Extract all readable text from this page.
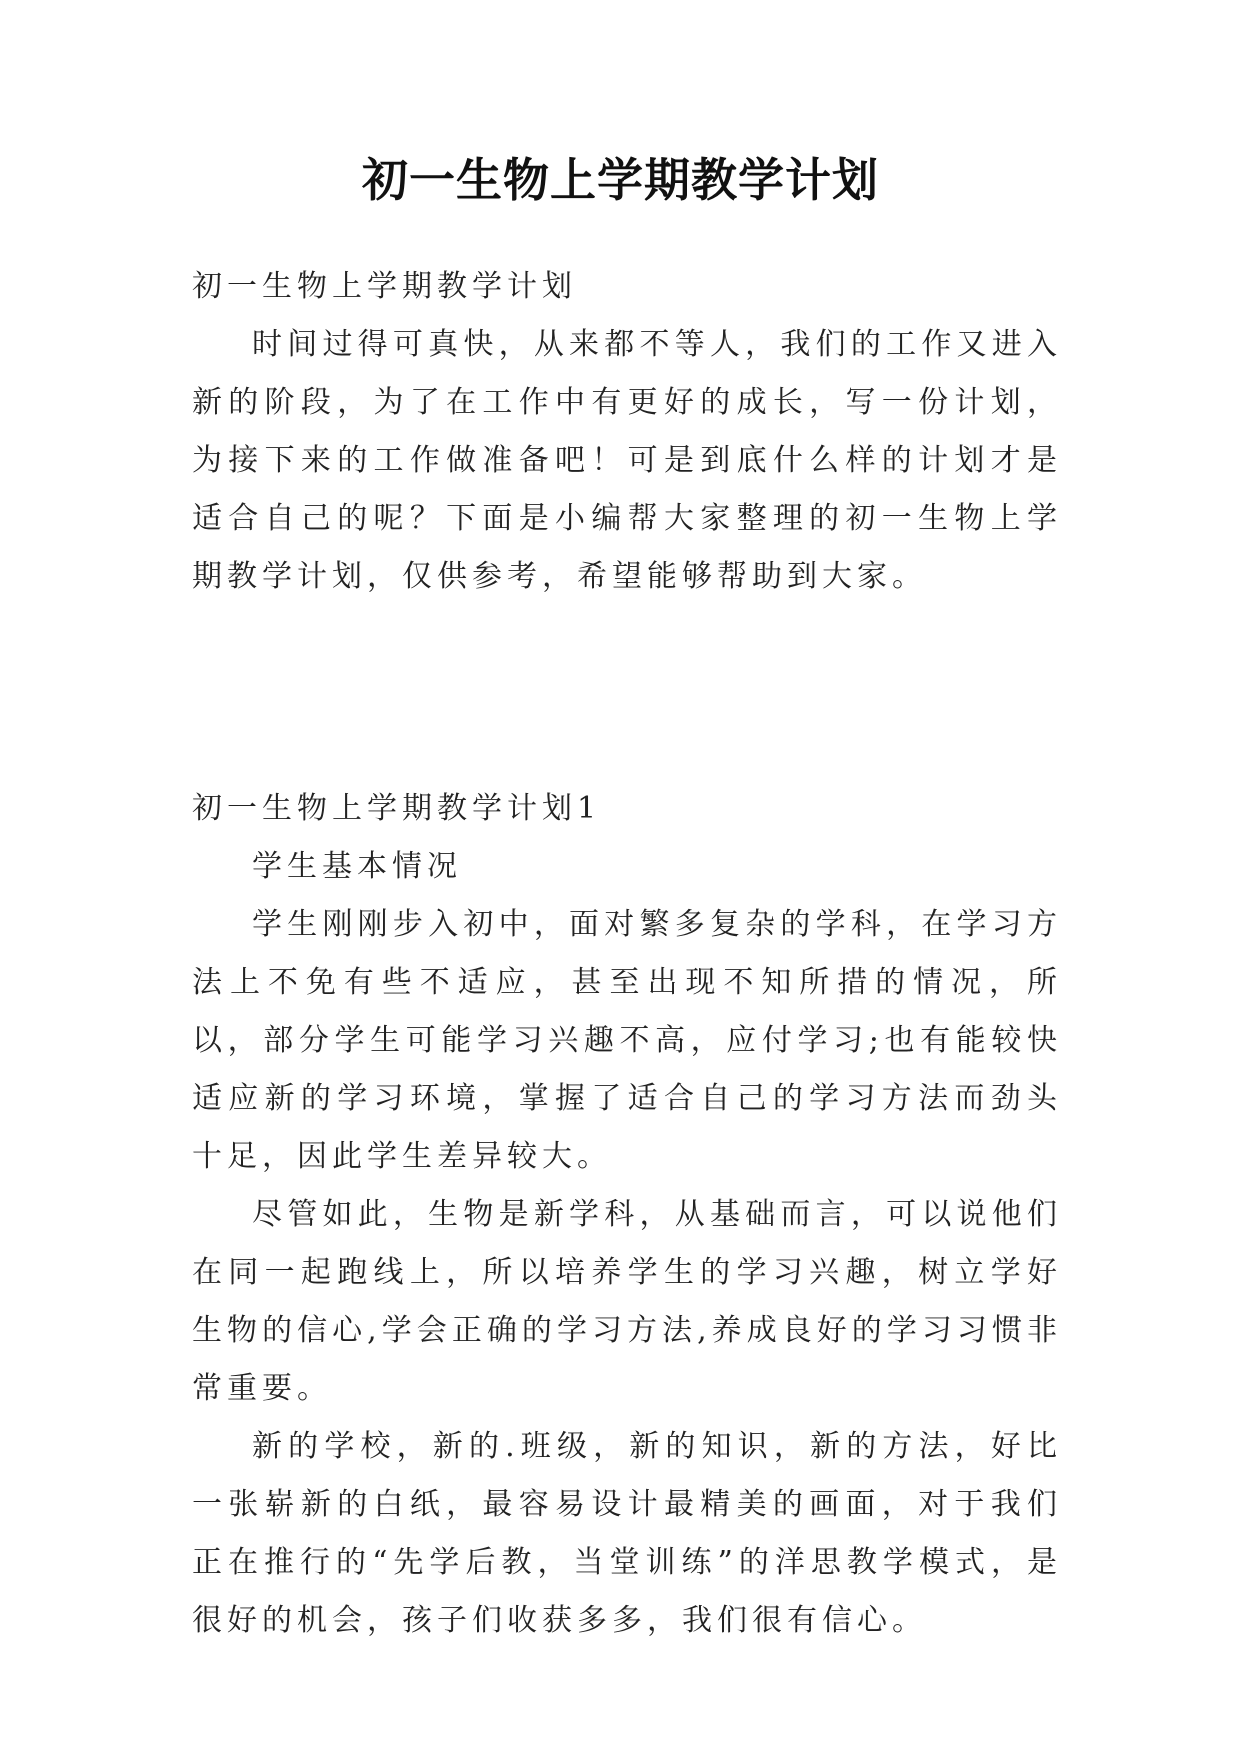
初一生物上学期教学计划

初一生物上学期教学计划

时间过得可真快，从来都不等人，我们的工作又进入新的阶段，为了在工作中有更好的成长，写一份计划，为接下来的工作做准备吧！可是到底什么样的计划才是适合自己的呢？下面是小编帮大家整理的初一生物上学期教学计划，仅供参考，希望能够帮助到大家。

初一生物上学期教学计划1

学生基本情况

学生刚刚步入初中，面对繁多复杂的学科，在学习方法上不免有些不适应，甚至出现不知所措的情况，所以，部分学生可能学习兴趣不高，应付学习;也有能较快适应新的学习环境，掌握了适合自己的学习方法而劲头十足，因此学生差异较大。

尽管如此，生物是新学科，从基础而言，可以说他们在同一起跑线上，所以培养学生的学习兴趣，树立学好生物的信心,学会正确的学习方法,养成良好的学习习惯非常重要。

新的学校，新的.班级，新的知识，新的方法，好比一张崭新的白纸，最容易设计最精美的画面，对于我们正在推行的“先学后教，当堂训练”的洋思教学模式，是很好的机会，孩子们收获多多，我们很有信心。
